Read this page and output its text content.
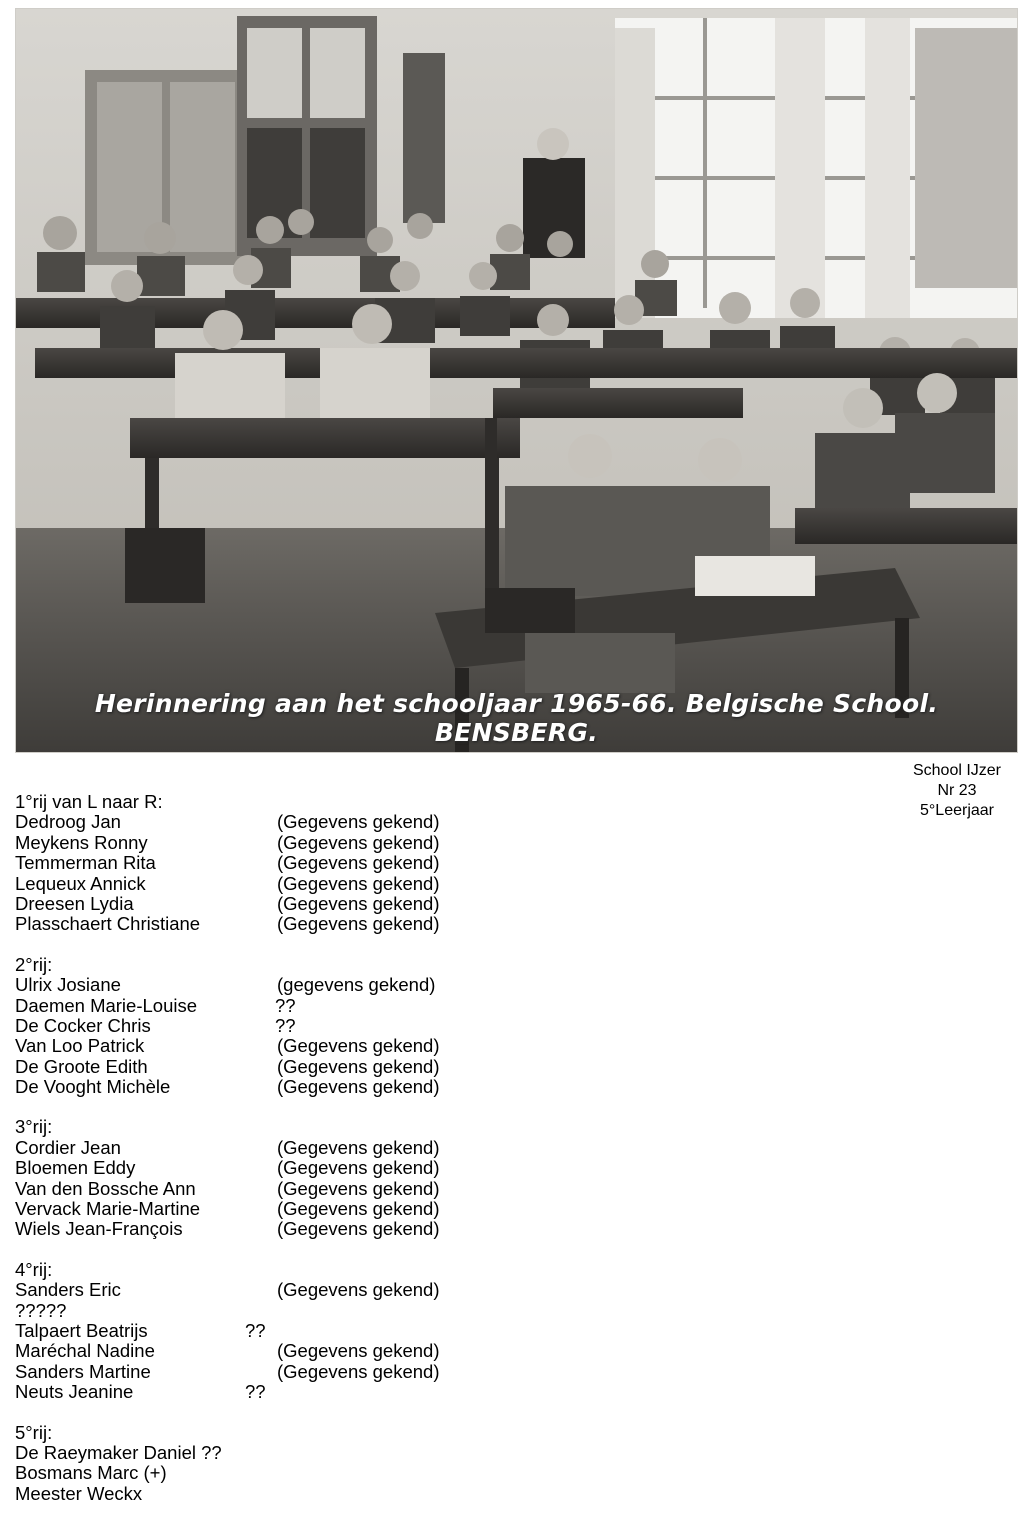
Herinnering aan het schooljaar 1965-66. Belgische School. BENSBERG.
School IJzer
Nr 23
5°Leerjaar
1°rij van L naar R:
Dedroog Jan	(Gegevens gekend)
Meykens Ronny	(Gegevens gekend)
Temmerman Rita	(Gegevens gekend)
Lequeux Annick	(Gegevens gekend)
Dreesen Lydia	(Gegevens gekend)
Plasschaert Christiane	(Gegevens gekend)
2°rij:
Ulrix Josiane	(gegevens gekend)
Daemen Marie-Louise	??
De Cocker Chris	??
Van Loo Patrick	(Gegevens gekend)
De Groote Edith	(Gegevens gekend)
De Vooght Michèle	(Gegevens gekend)
3°rij:
Cordier Jean	(Gegevens gekend)
Bloemen Eddy	(Gegevens gekend)
Van den Bossche Ann	(Gegevens gekend)
Vervack Marie-Martine	(Gegevens gekend)
Wiels Jean-François	(Gegevens gekend)
4°rij:
Sanders Eric	(Gegevens gekend)
?????
Talpaert Beatrijs	??
Maréchal Nadine	(Gegevens gekend)
Sanders Martine	(Gegevens gekend)
Neuts Jeanine	??
5°rij:
De Raeymaker Daniel ??
Bosmans Marc (+)
Meester Weckx
